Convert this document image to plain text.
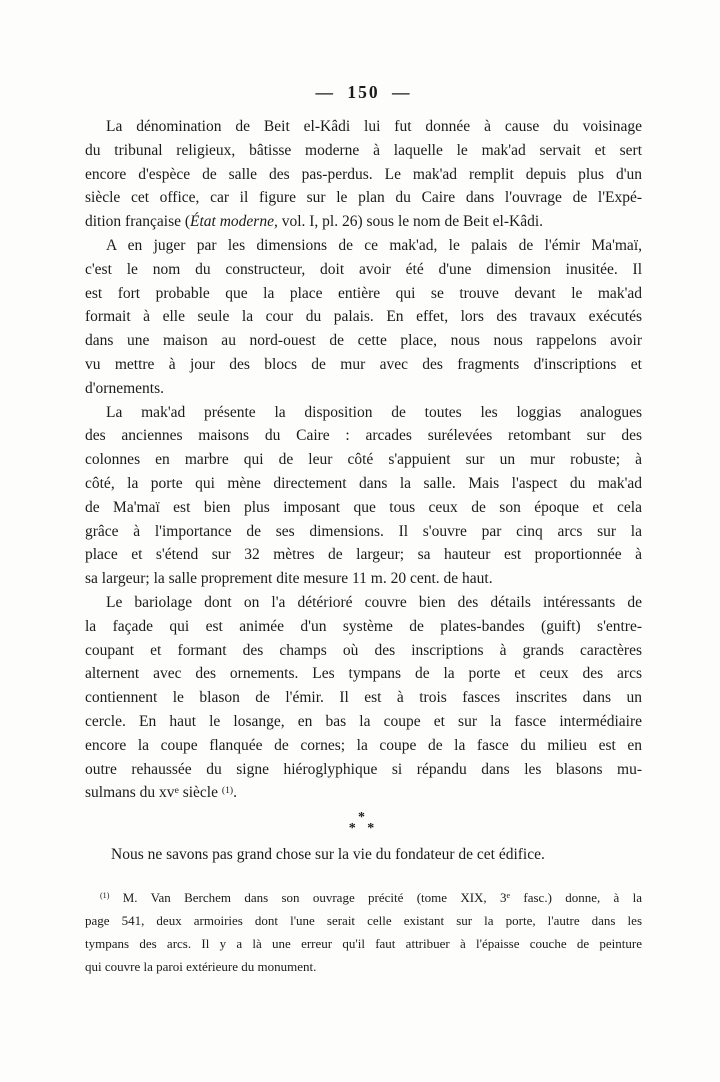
— 150 —
La dénomination de Beit el-Kâdi lui fut donnée à cause du voisinage
du tribunal religieux, bâtisse moderne à laquelle le mak'ad servait et sert
encore d'espèce de salle des pas-perdus. Le mak'ad remplit depuis plus d'un
siècle cet office, car il figure sur le plan du Caire dans l'ouvrage de l'Expé-
dition française (État moderne, vol. I, pl. 26) sous le nom de Beit el-Kâdi.
A en juger par les dimensions de ce mak'ad, le palais de l'émir Ma'maï,
c'est le nom du constructeur, doit avoir été d'une dimension inusitée. Il
est fort probable que la place entière qui se trouve devant le mak'ad
formait à elle seule la cour du palais. En effet, lors des travaux exécutés
dans une maison au nord-ouest de cette place, nous nous rappelons avoir
vu mettre à jour des blocs de mur avec des fragments d'inscriptions et
d'ornements.
La mak'ad présente la disposition de toutes les loggias analogues
des anciennes maisons du Caire : arcades surélevées retombant sur des
colonnes en marbre qui de leur côté s'appuient sur un mur robuste; à
côté, la porte qui mène directement dans la salle. Mais l'aspect du mak'ad
de Ma'maï est bien plus imposant que tous ceux de son époque et cela
grâce à l'importance de ses dimensions. Il s'ouvre par cinq arcs sur la
place et s'étend sur 32 mètres de largeur; sa hauteur est proportionnée à
sa largeur; la salle proprement dite mesure 11 m. 20 cent. de haut.
Le bariolage dont on l'a détérioré couvre bien des détails intéressants de
la façade qui est animée d'un système de plates-bandes (guift) s'entre-
coupant et formant des champs où des inscriptions à grands caractères
alternent avec des ornements. Les tympans de la porte et ceux des arcs
contiennent le blason de l'émir. Il est à trois fasces inscrites dans un
cercle. En haut le losange, en bas la coupe et sur la fasce intermédiaire
encore la coupe flanquée de cornes; la coupe de la fasce du milieu est en
outre rehaussée du signe hiéroglyphique si répandu dans les blasons mu-
sulmans du $xv^e$ siècle $^{(1)}$.
*
* *
Nous ne savons pas grand chose sur la vie du fondateur de cet édifice.
$^{(1)}$ M. Van Berchem dans son ouvrage précité (tome XIX, 3e fasc.) donne, à la
page 541, deux armoiries dont l'une serait celle existant sur la porte, l'autre dans les
tympans des arcs. Il y a là une erreur qu'il faut attribuer à l'épaisse couche de peinture
qui couvre la paroi extérieure du monument.
